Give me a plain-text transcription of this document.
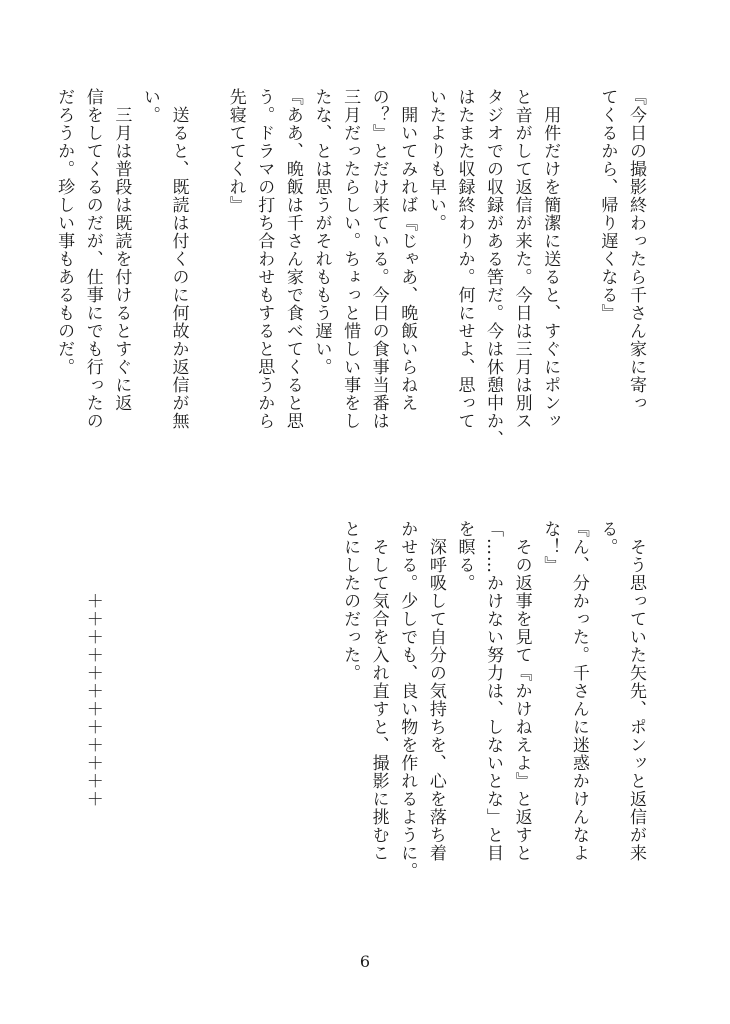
『今日の撮影終わったら千さん家に寄っ
てくるから、帰り遅くなる』

　用件だけを簡潔に送ると、すぐにポンッ
と音がして返信が来た。今日は三月は別ス
タジオでの収録がある筈だ。今は休憩中か、
はたまた収録終わりか。何にせよ、思って
いたよりも早い。
　開いてみれば『じゃあ、晩飯いらねえ
の？』とだけ来ている。今日の食事当番は
三月だったらしい。ちょっと惜しい事をし
たな、とは思うがそれももう遅い。
『ああ、晩飯は千さん家で食べてくると思
う。ドラマの打ち合わせもすると思うから
先寝ててくれ』

　送ると、既読は付くのに何故か返信が無
い。
　三月は普段は既読を付けるとすぐに返
信をしてくるのだが、仕事にでも行ったの
だろうか。珍しい事もあるものだ。
　そう思っていた矢先、ポンッと返信が来
る。
『ん、分かった。千さんに迷惑かけんなよ
な！』
　その返事を見て『かけねえよ』と返すと
「……かけない努力は、しないとな」と目
を瞑る。
　深呼吸して自分の気持ちを、心を落ち着
かせる。少しでも、良い物を作れるように。
　そして気合を入れ直すと、撮影に挑むこ
とにしたのだった。

　　　　＋＋＋＋＋＋＋＋＋＋＋＋
6
